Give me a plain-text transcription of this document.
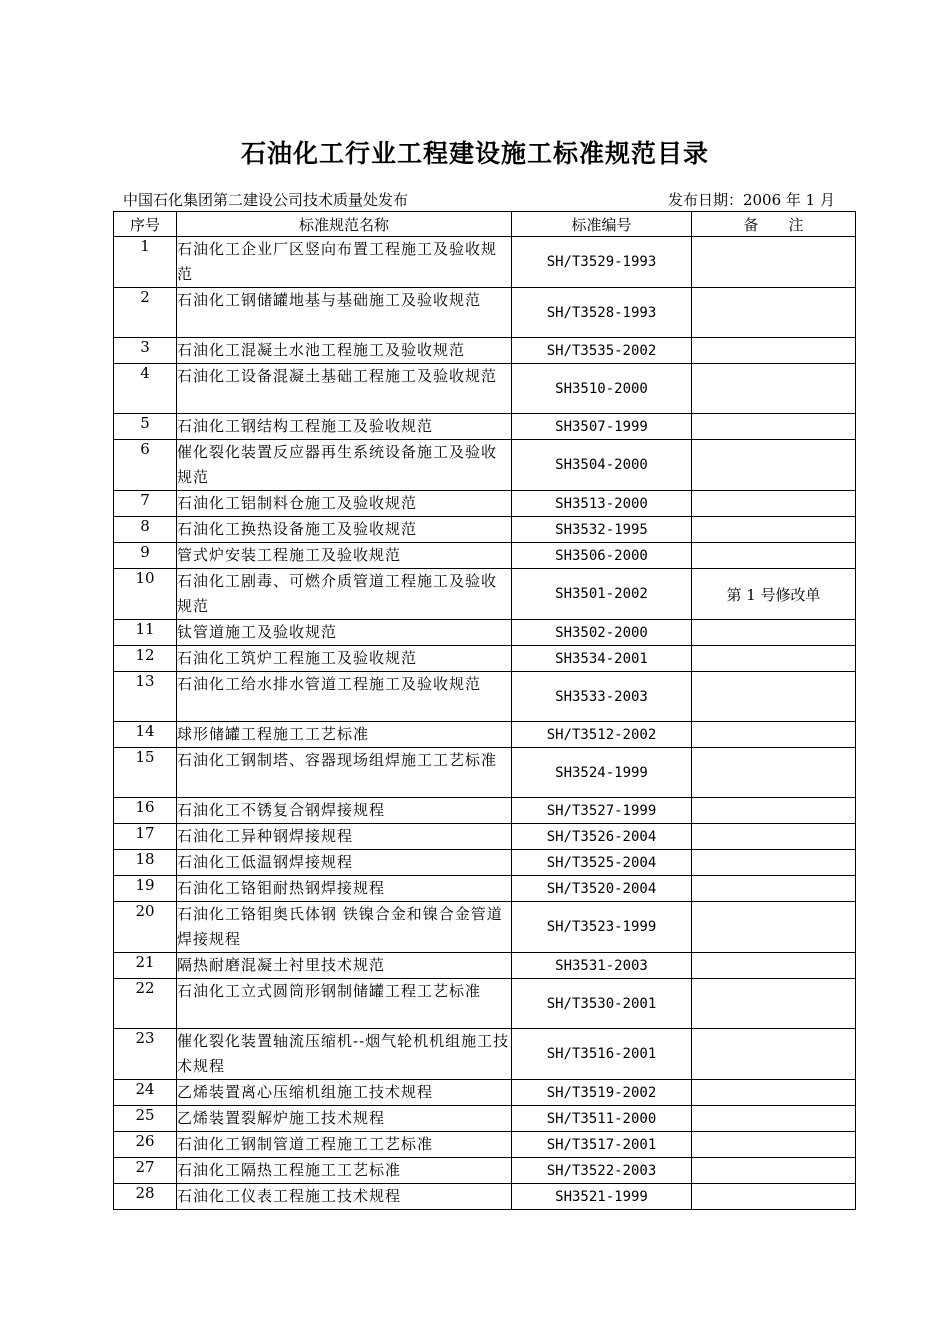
石油化工行业工程建设施工标准规范目录
中国石化集团第二建设公司技术质量处发布	发布日期：2006 年 1 月
序号	标准规范名称	标准编号	备　　注
1	石油化工企业厂区竖向布置工程施工及验收规范	SH/T3529-1993	
2	石油化工钢储罐地基与基础施工及验收规范	SH/T3528-1993	
3	石油化工混凝土水池工程施工及验收规范	SH/T3535-2002	
4	石油化工设备混凝土基础工程施工及验收规范	SH3510-2000	
5	石油化工钢结构工程施工及验收规范	SH3507-1999	
6	催化裂化装置反应器再生系统设备施工及验收规范	SH3504-2000	
7	石油化工铝制料仓施工及验收规范	SH3513-2000	
8	石油化工换热设备施工及验收规范	SH3532-1995	
9	管式炉安装工程施工及验收规范	SH3506-2000	
10	石油化工剧毒、可燃介质管道工程施工及验收规范	SH3501-2002	第 1 号修改单
11	钛管道施工及验收规范	SH3502-2000	
12	石油化工筑炉工程施工及验收规范	SH3534-2001	
13	石油化工给水排水管道工程施工及验收规范	SH3533-2003	
14	球形储罐工程施工工艺标准	SH/T3512-2002	
15	石油化工钢制塔、容器现场组焊施工工艺标准	SH3524-1999	
16	石油化工不锈复合钢焊接规程	SH/T3527-1999	
17	石油化工异种钢焊接规程	SH/T3526-2004	
18	石油化工低温钢焊接规程	SH/T3525-2004	
19	石油化工铬钼耐热钢焊接规程	SH/T3520-2004	
20	石油化工铬钼奥氏体钢 铁镍合金和镍合金管道焊接规程	SH/T3523-1999	
21	隔热耐磨混凝土衬里技术规范	SH3531-2003	
22	石油化工立式圆筒形钢制储罐工程工艺标准	SH/T3530-2001	
23	催化裂化装置轴流压缩机--烟气轮机机组施工技术规程	SH/T3516-2001	
24	乙烯装置离心压缩机组施工技术规程	SH/T3519-2002	
25	乙烯装置裂解炉施工技术规程	SH/T3511-2000	
26	石油化工钢制管道工程施工工艺标准	SH/T3517-2001	
27	石油化工隔热工程施工工艺标准	SH/T3522-2003	
28	石油化工仪表工程施工技术规程	SH3521-1999	
